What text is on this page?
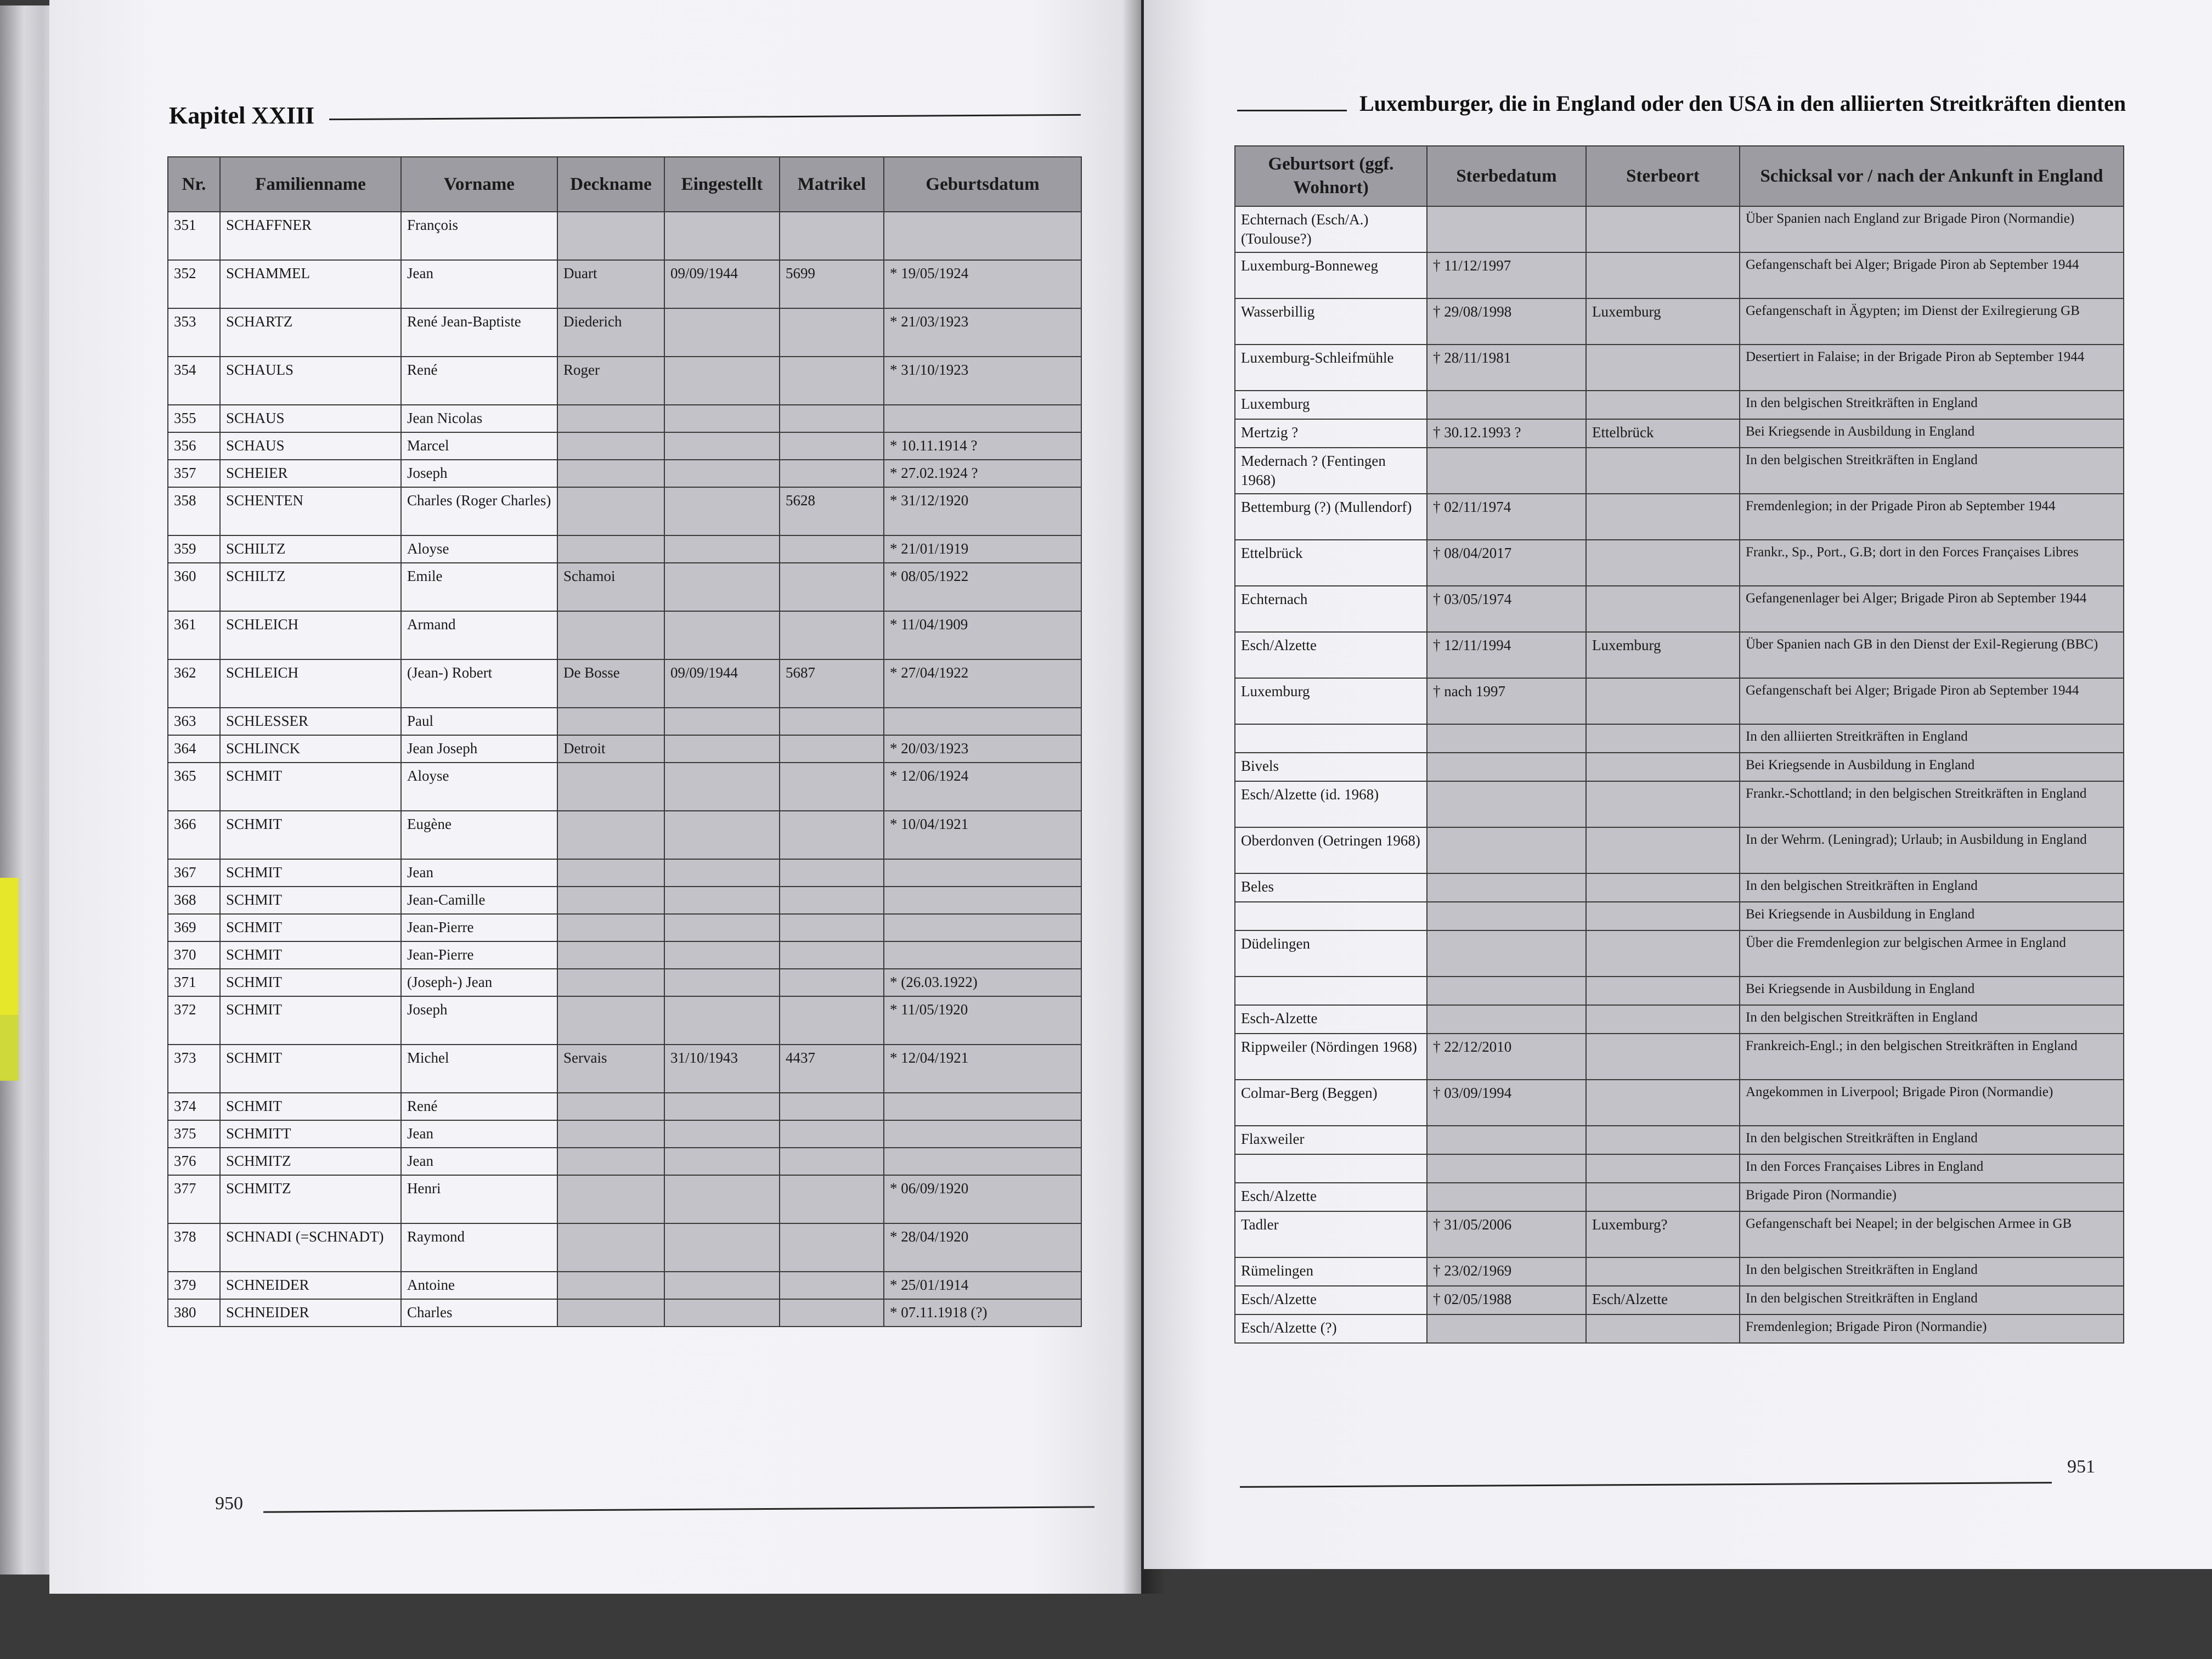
Kapitel XXIII
Nr.	Familienname	Vorname	Deckname	Eingestellt	Matrikel	Geburtsdatum
351	SCHAFFNER	François				
352	SCHAMMEL	Jean	Duart	09/09/1944	5699	* 19/05/1924
353	SCHARTZ	René Jean-Baptiste	Diederich			* 21/03/1923
354	SCHAULS	René	Roger			* 31/10/1923
355	SCHAUS	Jean Nicolas				
356	SCHAUS	Marcel				* 10.11.1914 ?
357	SCHEIER	Joseph				* 27.02.1924 ?
358	SCHENTEN	Charles (Roger Charles)			5628	* 31/12/1920
359	SCHILTZ	Aloyse				* 21/01/1919
360	SCHILTZ	Emile	Schamoi			* 08/05/1922
361	SCHLEICH	Armand				* 11/04/1909
362	SCHLEICH	(Jean-) Robert	De Bosse	09/09/1944	5687	* 27/04/1922
363	SCHLESSER	Paul				
364	SCHLINCK	Jean Joseph	Detroit			* 20/03/1923
365	SCHMIT	Aloyse				* 12/06/1924
366	SCHMIT	Eugène				* 10/04/1921
367	SCHMIT	Jean				
368	SCHMIT	Jean-Camille				
369	SCHMIT	Jean-Pierre				
370	SCHMIT	Jean-Pierre				
371	SCHMIT	(Joseph-) Jean				* (26.03.1922)
372	SCHMIT	Joseph				* 11/05/1920
373	SCHMIT	Michel	Servais	31/10/1943	4437	* 12/04/1921
374	SCHMIT	René				
375	SCHMITT	Jean				
376	SCHMITZ	Jean				
377	SCHMITZ	Henri				* 06/09/1920
378	SCHNADI (=SCHNADT)	Raymond				* 28/04/1920
379	SCHNEIDER	Antoine				* 25/01/1914
380	SCHNEIDER	Charles				* 07.11.1918 (?)
950
Luxemburger, die in England oder den USA in den alliierten Streitkräften dienten
Geburtsort (ggf. Wohnort)	Sterbedatum	Sterbeort	Schicksal vor / nach der Ankunft in England
Echternach (Esch/A.) (Toulouse?)			Über Spanien nach England zur Brigade Piron (Normandie)
Luxemburg-Bonneweg	† 11/12/1997		Gefangenschaft bei Alger; Brigade Piron ab September 1944
Wasserbillig	† 29/08/1998	Luxemburg	Gefangenschaft in Ägypten; im Dienst der Exilregierung GB
Luxemburg-Schleifmühle	† 28/11/1981		Desertiert in Falaise; in der Brigade Piron ab September 1944
Luxemburg			In den belgischen Streitkräften in England
Mertzig ?	† 30.12.1993 ?	Ettelbrück	Bei Kriegsende in Ausbildung in England
Medernach ? (Fentingen 1968)			In den belgischen Streitkräften in England
Bettemburg (?) (Mullendorf)	† 02/11/1974		Fremdenlegion; in der Prigade Piron ab September 1944
Ettelbrück	† 08/04/2017		Frankr., Sp., Port., G.B; dort in den Forces Françaises Libres
Echternach	† 03/05/1974		Gefangenenlager bei Alger; Brigade Piron ab September 1944
Esch/Alzette	† 12/11/1994	Luxemburg	Über Spanien nach GB in den Dienst der Exil-Regierung (BBC)
Luxemburg	† nach 1997		Gefangenschaft bei Alger; Brigade Piron ab September 1944
			In den alliierten Streitkräften in England
Bivels			Bei Kriegsende in Ausbildung in England
Esch/Alzette (id. 1968)			Frankr.-Schottland; in den belgischen Streitkräften in England
Oberdonven (Oetringen 1968)			In der Wehrm. (Leningrad); Urlaub; in Ausbildung in England
Beles			In den belgischen Streitkräften in England
			Bei Kriegsende in Ausbildung in England
Düdelingen			Über die Fremdenlegion zur belgischen Armee in England
			Bei Kriegsende in Ausbildung in England
Esch-Alzette			In den belgischen Streitkräften in England
Rippweiler (Nördingen 1968)	† 22/12/2010		Frankreich-Engl.; in den belgischen Streitkräften in England
Colmar-Berg (Beggen)	† 03/09/1994		Angekommen in Liverpool; Brigade Piron (Normandie)
Flaxweiler			In den belgischen Streitkräften in England
			In den Forces Françaises Libres in England
Esch/Alzette			Brigade Piron (Normandie)
Tadler	† 31/05/2006	Luxemburg?	Gefangenschaft bei Neapel; in der belgischen Armee in GB
Rümelingen	† 23/02/1969		In den belgischen Streitkräften in England
Esch/Alzette	† 02/05/1988	Esch/Alzette	In den belgischen Streitkräften in England
Esch/Alzette (?)			Fremdenlegion; Brigade Piron (Normandie)
951
